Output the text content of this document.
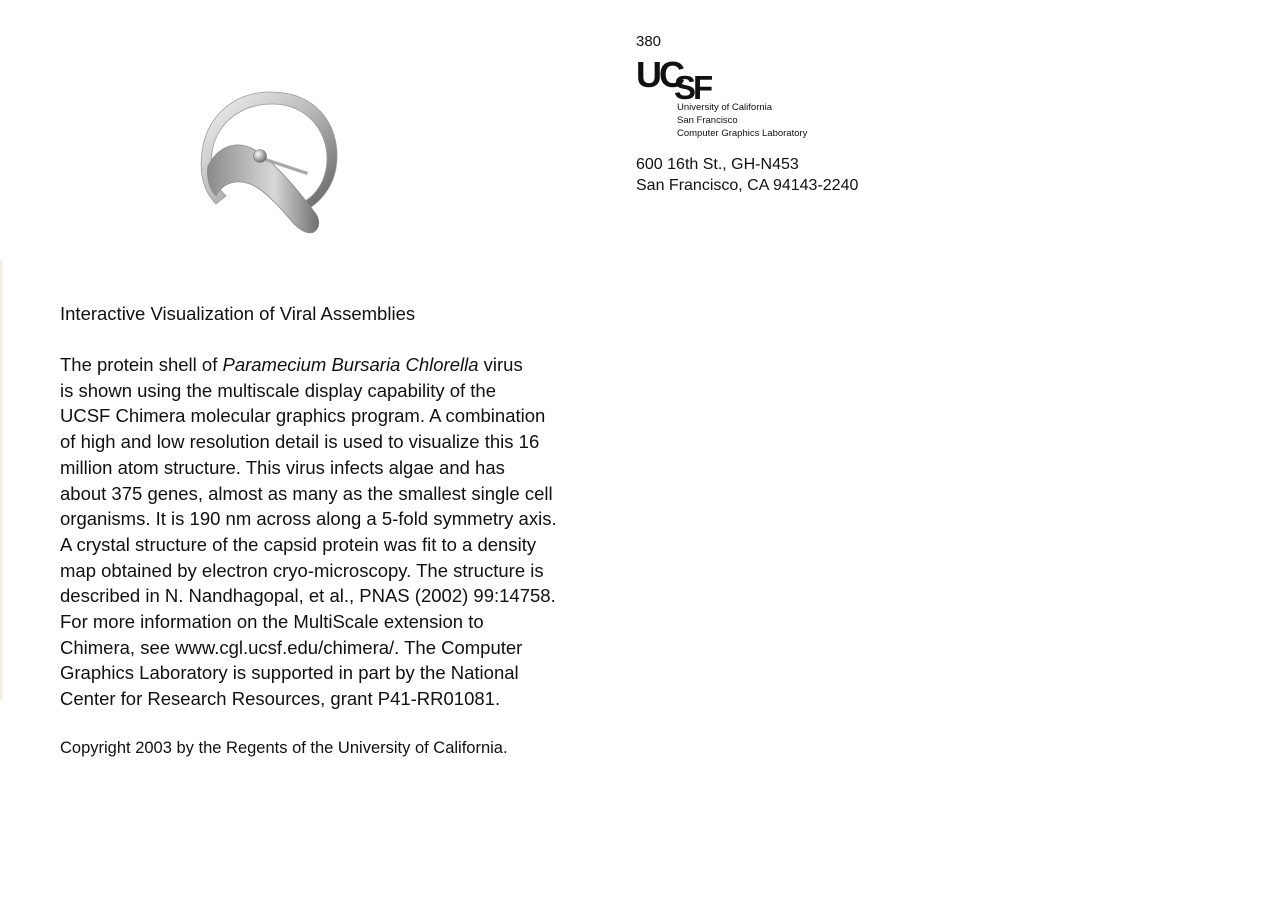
380
UC
SF
University of California
San Francisco
Computer Graphics Laboratory
600 16th St., GH-N453
San Francisco, CA 94143-2240
Interactive Visualization of Viral Assemblies
The protein shell of Paramecium Bursaria Chlorella virus
is shown using the multiscale display capability of the
UCSF Chimera molecular graphics program. A combination
of high and low resolution detail is used to visualize this 16
million atom structure. This virus infects algae and has
about 375 genes, almost as many as the smallest single cell
organisms. It is 190 nm across along a 5-fold symmetry axis.
A crystal structure of the capsid protein was fit to a density
map obtained by electron cryo-microscopy. The structure is
described in N. Nandhagopal, et al., PNAS (2002) 99:14758.
For more information on the MultiScale extension to
Chimera, see www.cgl.ucsf.edu/chimera/. The Computer
Graphics Laboratory is supported in part by the National
Center for Research Resources, grant P41-RR01081.
Copyright 2003 by the Regents of the University of California.
